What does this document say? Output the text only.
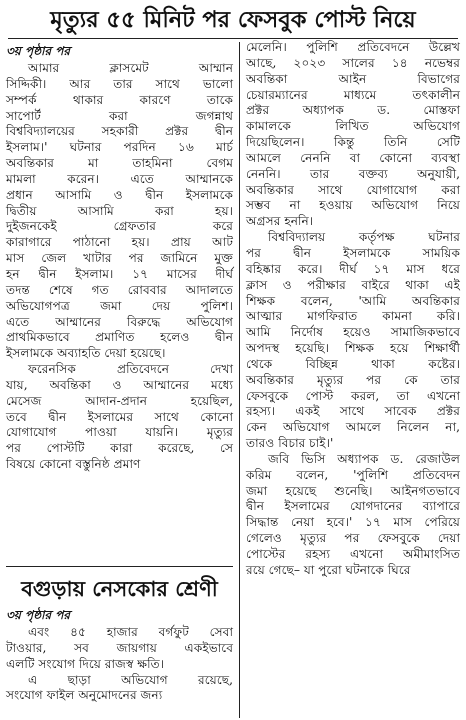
মৃত্যুর ৫৫ মিনিট পর ফেসবুক পোস্ট নিয়ে
৩য় পৃষ্ঠার পর
আমার ক্লাসমেট আম্মান
সিদ্দিকী। আর তার সাথে ভালো
সম্পর্ক থাকার কারণে তাকে
সাপোর্ট করা জগন্নাথ
বিশ্ববিদ্যালয়ের সহকারী প্রক্টর দ্বীন
ইসলাম।' ঘটনার পরদিন ১৬ মার্চ
অবন্তিকার মা তাহমিনা বেগম
মামলা করেন। এতে আম্মানকে
প্রধান আসামি ও দ্বীন ইসলামকে
দ্বিতীয় আসামি করা হয়।
দুইজনকেই গ্রেফতার করে
কারাগারে পাঠানো হয়। প্রায় আট
মাস জেল খাটার পর জামিনে মুক্ত
হন দ্বীন ইসলাম। ১৭ মাসের দীর্ঘ
তদন্ত শেষে গত রোববার আদালতে
অভিযোগপত্র জমা দেয় পুলিশ।
এতে আম্মানের বিরুদ্ধে অভিযোগ
প্রাথমিকভাবে প্রমাণিত হলেও দ্বীন
ইসলামকে অব্যাহতি দেয়া হয়েছে।
ফরেনসিক প্রতিবেদনে দেখা
যায়, অবন্তিকা ও আম্মানের মধ্যে
মেসেজ আদান-প্রদান হয়েছিল,
তবে দ্বীন ইসলামের সাথে কোনো
যোগাযোগ পাওয়া যায়নি। মৃত্যুর
পর পোস্টটি কারা করেছে, সে
বিষয়ে কোনো বস্তুনিষ্ঠ প্রমাণ
বগুড়ায় নেসকোর শ্রেণী
৩য় পৃষ্ঠার পর
এবং ৪৫ হাজার বর্গফুট সেবা
টাওয়ার, সব জায়গায় একইভাবে
এলটি সংযোগ দিয়ে রাজস্ব ক্ষতি।
এ ছাড়া অভিযোগ রয়েছে,
সংযোগ ফাইল অনুমোদনের জন্য
মেলেনি। পুলিশি প্রতিবেদনে উল্লেখ
আছে, ২০২৩ সালের ১৪ নভেম্বর
অবন্তিকা আইন বিভাগের
চেয়ারম্যানের মাধ্যমে তৎকালীন
প্রক্টর অধ্যাপক ড. মোস্তফা
কামালকে লিখিত অভিযোগ
দিয়েছিলেন। কিন্তু তিনি সেটি
আমলে নেননি বা কোনো ব্যবস্থা
নেননি। তার বক্তব্য অনুযায়ী,
অবন্তিকার সাথে যোগাযোগ করা
সম্ভব না হওয়ায় অভিযোগ নিয়ে
অগ্রসর হননি।
বিশ্ববিদ্যালয় কর্তৃপক্ষ ঘটনার
পর দ্বীন ইসলামকে সাময়িক
বহিষ্কার করে। দীর্ঘ ১৭ মাস ধরে
ক্লাস ও পরীক্ষার বাইরে থাকা এই
শিক্ষক বলেন, 'আমি অবন্তিকার
আত্মার মাগফিরাত কামনা করি।
আমি নির্দোষ হয়েও সামাজিকভাবে
অপদস্থ হয়েছি। শিক্ষক হয়ে শিক্ষার্থী
থেকে বিচ্ছিন্ন থাকা কষ্টের।
অবন্তিকার মৃত্যুর পর কে তার
ফেসবুকে পোস্ট করল, তা এখনো
রহস্য। একই সাথে সাবেক প্রক্টর
কেন অভিযোগ আমলে নিলেন না,
তারও বিচার চাই।'
জবি ভিসি অধ্যাপক ড. রেজাউল
করিম বলেন, 'পুলিশি প্রতিবেদন
জমা হয়েছে শুনেছি। আইনগতভাবে
দ্বীন ইসলামের যোগদানের ব্যাপারে
সিদ্ধান্ত নেয়া হবে।' ১৭ মাস পেরিয়ে
গেলেও মৃত্যুর পর ফেসবুকে দেয়া
পোস্টের রহস্য এখনো অমীমাংসিত
রয়ে গেছে– যা পুরো ঘটনাকে ঘিরে
